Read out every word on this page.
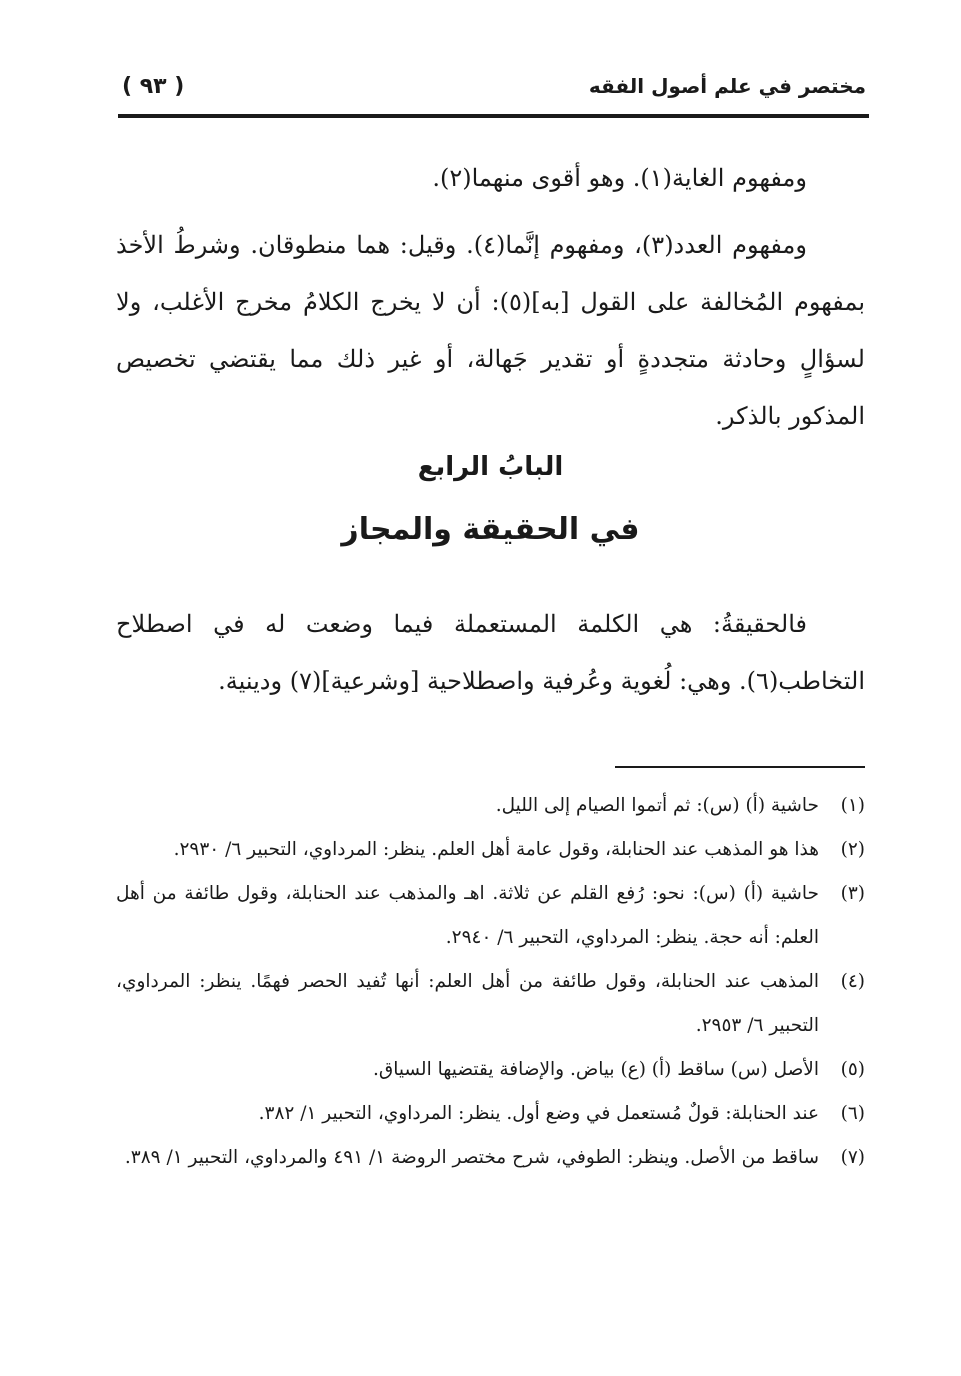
مختصر في علم أصول الفقه
( ٩٣ )

ومفهوم الغاية(١). وهو أقوى منهما(٢).

ومفهوم العدد(٣)، ومفهوم إنَّما(٤). وقيل: هما منطوقان. وشرطُ الأخذ بمفهوم المُخالفة على القول [به](٥): أن لا يخرج الكلامُ مخرج الأغلب، ولا لسؤالٍ وحادثة متجددةٍ أو تقدير جَهالة، أو غير ذلك مما يقتضي تخصيص المذكور بالذكر.

البابُ الرابع
في الحقيقة والمجاز

فالحقيقةُ: هي الكلمة المستعملة فيما وضعت له في اصطلاح التخاطب(٦). وهي: لُغوية وعُرفية واصطلاحية [وشرعية](٧) ودينية.

(١)
حاشية (أ) (س): ثم أتموا الصيام إلى الليل.
(٢)
هذا هو المذهب عند الحنابلة، وقول عامة أهل العلم. ينظر: المرداوي، التحبير ٦/ ٢٩٣٠.
(٣)
حاشية (أ) (س): نحو: رُفع القلم عن ثلاثة. اهـ والمذهب عند الحنابلة، وقول طائفة من أهل العلم: أنه حجة. ينظر: المرداوي، التحبير ٦/ ٢٩٤٠.
(٤)
المذهب عند الحنابلة، وقول طائفة من أهل العلم: أنها تُفيد الحصر فهمًا. ينظر: المرداوي، التحبير ٦/ ٢٩٥٣.
(٥)
الأصل (س) ساقط (أ) (ع) بياض. والإضافة يقتضيها السياق.
(٦)
عند الحنابلة: قولٌ مُستعمل في وضع أول. ينظر: المرداوي، التحبير ١/ ٣٨٢.
(٧)
ساقط من الأصل. وينظر: الطوفي، شرح مختصر الروضة ١/ ٤٩١ والمرداوي، التحبير ١/ ٣٨٩.
